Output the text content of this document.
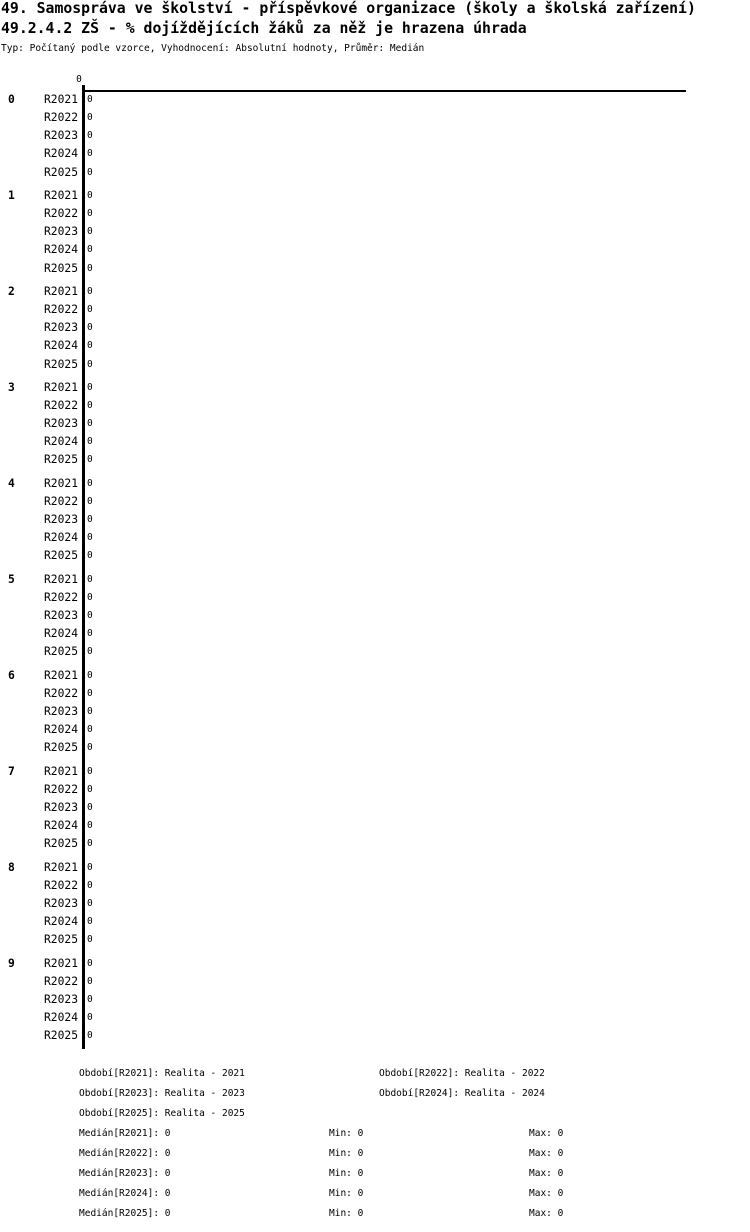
49. Samospráva ve školství - příspěvkové organizace (školy a školská zařízení)
49.2.4.2 ZŠ - % dojíždějících žáků za něž je hrazena úhrada
Typ: Počítaný podle vzorce, Vyhodnocení: Absolutní hodnoty, Průměr: Medián
0
0	R2021 0
R2022 0
R2023 0
R2024 0
R2025 0
1	R2021 0
R2022 0
R2023 0
R2024 0
R2025 0
2	R2021 0
R2022 0
R2023 0
R2024 0
R2025 0
3	R2021 0
R2022 0
R2023 0
R2024 0
R2025 0
4	R2021 0
R2022 0
R2023 0
R2024 0
R2025 0
5	R2021 0
R2022 0
R2023 0
R2024 0
R2025 0
6	R2021 0
R2022 0
R2023 0
R2024 0
R2025 0
7	R2021 0
R2022 0
R2023 0
R2024 0
R2025 0
8	R2021 0
R2022 0
R2023 0
R2024 0
R2025 0
9	R2021 0
R2022 0
R2023 0
R2024 0
R2025 0
Období[R2021]: Realita - 2021	Období[R2022]: Realita - 2022
Období[R2023]: Realita - 2023	Období[R2024]: Realita - 2024
Období[R2025]: Realita - 2025
Medián[R2021]: 0	Min: 0	Max: 0
Medián[R2022]: 0	Min: 0	Max: 0
Medián[R2023]: 0	Min: 0	Max: 0
Medián[R2024]: 0	Min: 0	Max: 0
Medián[R2025]: 0	Min: 0	Max: 0
